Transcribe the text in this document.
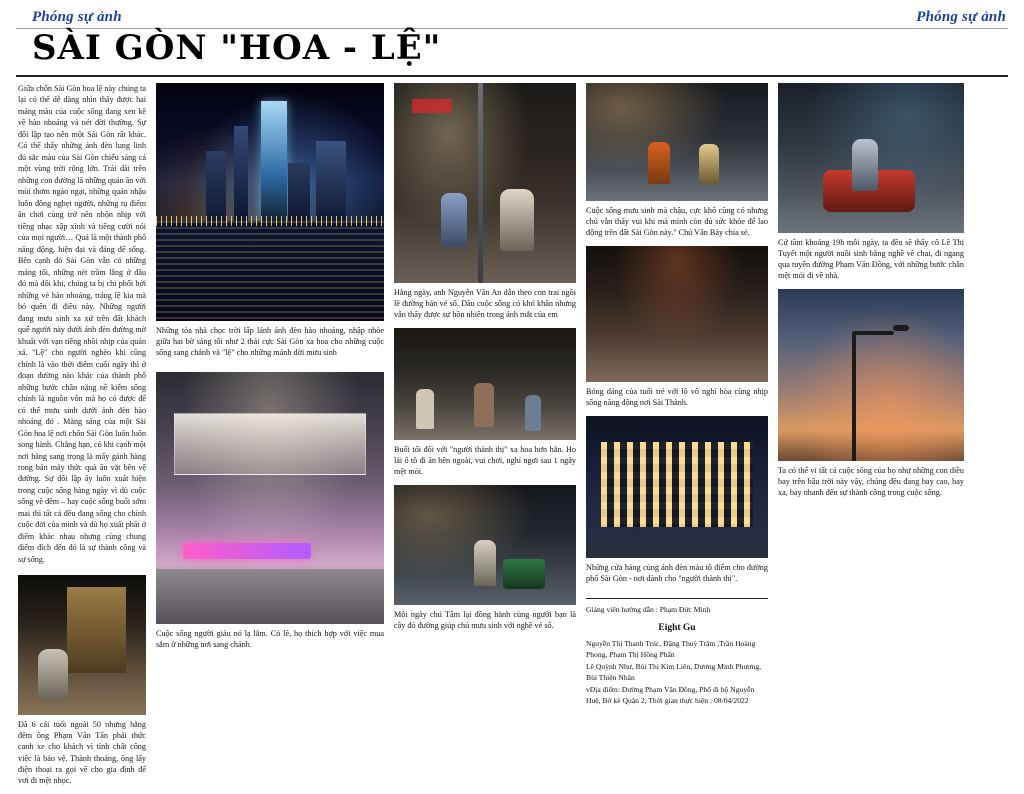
Phóng sự ảnh	Phóng sự ảnh
SÀI GÒN "HOA - LỆ"
Giữa chốn Sài Gòn hoa lệ này chúng ta lại có thể dễ dàng nhìn thấy được hai mảng màu của cuộc sống đang xen kẽ về hào nhoáng và nét đời thường. Sự đối lập tạo nên một Sài Gòn rất khác. Có thể thấy những ánh đèn lung linh đủ sắc màu của Sài Gòn chiếu sáng cả một vùng trời rộng lớn. Trải dài trên những con đường là những quán ăn với mùi thơm ngào ngạt, những quán nhậu luôn đông nghẹt người, những tụ điểm ăn chơi cùng trở nên nhộn nhịp với tiếng nhạc xập xình và tiếng cười nói của mọi người… Quả là một thành phố năng động, hiện đại và đáng để sống. Bên cạnh đó Sài Gòn vẫn có những mảng tối, những nét trầm lắng ở đâu đó mà đôi khi, chúng ta bị chi phối bởi những vẻ hào nhoáng, tráng lệ kia mà bỏ quên đi điều này. Những người đang mưu sinh xa xứ trên đất khách quê người này dưới ánh đèn đường mờ khuất với vạn tiếng nhồi nhịp của quán xá. "Lệ" cho người nghèo khi cũng chính là vào thời điểm cuối ngày thì ở đoạn đường nào khác của thành phố những bước chân nặng nề kiếm sống chính là nguồn vốn mà họ có được để có thể mưu sinh dưới ánh đèn hào nhoáng đó . Màng sáng của một Sài Gòn hoa lệ nơi chốn Sài Gòn luôn luôn song hành. Chẳng hạn, có khi cạnh một nơi hàng sang trọng là mấy gánh hàng rong bán máy thức quà ăn vặt bên vệ đường. Sự đối lập ấy luôn xuất hiện trong cuộc sống hàng ngày vì dù cuộc sống về đêm – hay cuộc sống buổi sớm mai thì tất cả đều đang sống cho chính cuộc đời của mình và dù họ xuất phát ở điểm khác nhau nhưng cùng chung điểm đích đến đó là sự thành công và sự sống.
Đã 6 cái tuổi ngoài 50 nhưng hằng đêm ông Phạm Văn Tấn phải thức canh xe cho khách vì tính chất công việc là bảo vệ. Thành thoảng, ông lấy điện thoại ra gọi về cho gia đình để vơi đi mệt nhọc.
Những tòa nhà chọc trời lấp lánh ánh đèn hào nhoáng, nhập nhòe giữa hai bờ sáng tối như 2 thái cực Sài Gòn xa hoa cho những cuộc sống sang chảnh và "lệ" cho những mảnh đời mưu sinh
Cuộc sống người giàu nó lạ lắm. Có lẽ, họ thích hợp với việc mua sắm ở những nơi sang chảnh.
Hằng ngày, anh Nguyễn Văn An dẫn theo con trai ngồi lề đường bán vé số. Dầu cuộc sống có khó khăn nhưng vẫn thấy được sự hồn nhiên trong ánh mắt của em
Buổi tối đối với "người thành thị" xa hoa hơn hẳn. Họ lái ô tô đi ăn bên ngoài, vui chơi, nghỉ ngơi sau 1 ngày mệt mỏi.
Mỗi ngày chú Tâm lại đồng hành cùng người bạn là cây đó đường giúp chú mưu sinh với nghề vé số.
Cuộc sống mưu sinh mà chậu, cực khổ cũng có nhưng chú vẫn thấy vui khi mà mình còn đủ sức khỏe để lao động trên đất Sài Gòn này." Chú Văn Bảy chia sẻ.
Bóng dáng của tuổi trẻ với lô vô nghỉ hòa cùng nhịp sống năng động nơi Sài Thành.
Những cửa hàng cùng ánh đèn màu tô điểm cho đường phố Sài Gòn - nơi dành cho "người thành thị".
Giảng viên hướng dẫn : Phạm Đức Minh
Eight Gu
Nguyễn Thị Thanh Trúc, Đặng Thuỳ Trâm ,Trần Hoàng Phong, Phạm Thị Hồng Phấn
Lê Quỳnh Như, Bùi Thị Kim Liên, Dương Minh Phương, Bùi Thiện Nhân
vĐịa điểm: Đường Phạm Văn Đồng, Phố đi bộ Nguyễn Huệ, Bờ kè Quận 2, Thời gian thực hiện : 08/04/2022
Cứ tầm khoảng 19h mỗi ngày, ta đều sẽ thấy cô Lê Thị Tuyết một người nuôi sinh bằng nghề vẽ chai, đi ngang qua tuyến đường Phạm Văn Đồng, với những bước chân mệt mỏi đi về nhà.
Ta có thể ví tất cả cuộc sống của họ như những con diều bay trên bầu trời này vậy, chúng đều đang bay cao, bay xa, bay nhanh đến sự thành công trong cuộc sống.
